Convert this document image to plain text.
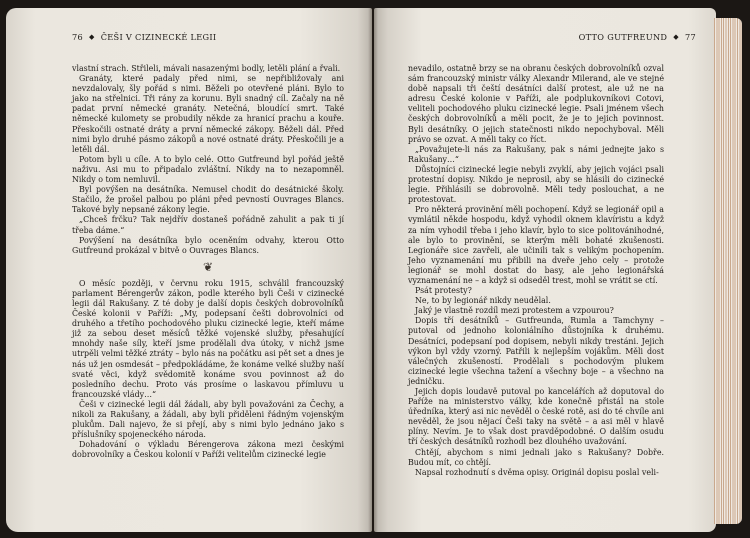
76 ◆ ČEŠI V CIZINECKÉ LEGII

vlastní strach. Střileli, mávali nasazenými bodly, letěli plání a řvali.

Granáty, které padaly před nimi, se nepřibližovaly ani nevzdalovaly, šly pořád s nimi. Běželi po otevřené pláni. Bylo to jako na střelnici. Tři rány za korunu. Byli snadný cíl. Začaly na ně padat první německé granáty. Netečná, bloudící smrt. Také německé kulomety se probudily někde za hranicí prachu a kouře. Přeskočili ostnaté dráty a první německé zákopy. Běželi dál. Před nimi bylo druhé pásmo zákopů a nové ostnaté dráty. Přeskočili je a letěli dál.

Potom byli u cíle. A to bylo celé. Otto Gutfreund byl pořád ještě naživu. Asi mu to připadalo zvláštní. Nikdy na to nezapomněl. Nikdy o tom nemluvil.

Byl povýšen na desátníka. Nemusel chodit do desátnické školy. Stačilo, že prošel palbou po pláni před pevností Ouvrages Blancs. Takové byly nepsané zákony legie.

„Chceš frčku? Tak nejdřív dostaneš pořádně zahulit a pak ti jí třeba dáme.“

Povýšení na desátníka bylo oceněním odvahy, kterou Otto Gutfreund prokázal v bitvě o Ouvrages Blancs.

❦

O měsíc později, v červnu roku 1915, schválil francouzský parlament Bérengerův zákon, podle kterého byli Češi v cizinecké legii dál Rakušany. Z té doby je další dopis českých dobrovolníků České kolonii v Paříži: „My, podepsaní češti dobrovolníci od druhého a třetího pochodového pluku cizinecké legie, kteří máme již za sebou deset měsíců těžké vojenské služby, přesahující mnohdy naše síly, kteří jsme prodělali dva útoky, v nichž jsme utrpěli velmi těžké ztráty – bylo nás na počátku asi pět set a dnes je nás už jen osmdesát – předpokládáme, že konáme velké služby naší svaté věci, když svědomitě konáme svou povinnost až do posledního dechu. Proto vás prosíme o laskavou přímluvu u francouzské vlády…“

Češi v cizinecké legii dál žádali, aby byli považováni za Čechy, a nikoli za Rakušany, a žádali, aby byli přiděleni řádným vojenským plukům. Dali najevo, že si přejí, aby s nimi bylo jednáno jako s příslušníky spojeneckého národa.

Dohadování o výkladu Bérengerova zákona mezi českými dobrovolníky a Českou kolonií v Paříži velitelům cizinecké legie

OTTO GUTFREUND ◆ 77

nevadilo, ostatně brzy se na obranu českých dobrovolníků ozval sám francouzský ministr války Alexandr Milerand, ale ve stejné době napsali tři čeští desátníci další protest, ale už ne na adresu České kolonie v Paříži, ale podplukovníkovi Cotovi, veliteli pochodového pluku cizinecké legie. Psali jménem všech českých dobrovolníků a měli pocit, že je to jejich povinnost. Byli desátníky. O jejich statečnosti nikdo nepochyboval. Měli právo se ozvat. A měli taky co říct.

„Považujete-li nás za Rakušany, pak s námi jednejte jako s Rakušany…“

Důstojníci cizinecké legie nebyli zvyklí, aby jejich vojáci psali protestní dopisy. Nikdo je neprosil, aby se hlásili do cizinecké legie. Přihlásili se dobrovolně. Měli tedy poslouchat, a ne protestovat.

Pro některá provinění měli pochopení. Když se legionář opil a vymlátil někde hospodu, když vyhodil oknem klavíristu a když za ním vyhodil třeba i jeho klavír, bylo to sice politovánihodné, ale bylo to provinění, se kterým měli bohaté zkušenosti. Legionáře sice zavřeli, ale učinili tak s velikým pochopením. Jeho vyznamenání mu přibili na dveře jeho cely – protože legionář se mohl dostat do basy, ale jeho legionářská vyznamenání ne – a když si odseděl trest, mohl se vrátit se ctí.

Psát protesty?

Ne, to by legionář nikdy neudělal.

Jaký je vlastně rozdíl mezi protestem a vzpourou?

Dopis tří desátníků – Gutfreunda, Rumla a Tamchyny – putoval od jednoho koloniálního důstojníka k druhému. Desátníci, podepsaní pod dopisem, nebyli nikdy trestáni. Jejich výkon byl vždy vzorný. Patřili k nejlepším vojákům. Měli dost válečných zkušeností. Prodělali s pochodovým plukem cizinecké legie všechna tažení a všechny boje – a všechno na jedničku.

Jejich dopis loudavě putoval po kancelářích až doputoval do Paříže na ministerstvo války, kde konečně přistál na stole úředníka, který asi nic nevěděl o české rotě, asi do té chvíle ani nevěděl, že jsou nějací Češi taky na světě – a asi měl v hlavě plíny. Nevím. Je to však dost pravděpodobné. O dalším osudu tří českých desátníků rozhodl bez dlouhého uvažování.

Chtějí, abychom s nimi jednali jako s Rakušany? Dobře. Budou mít, co chtějí.

Napsal rozhodnutí s dvěma opisy. Originál dopisu poslal veli-
